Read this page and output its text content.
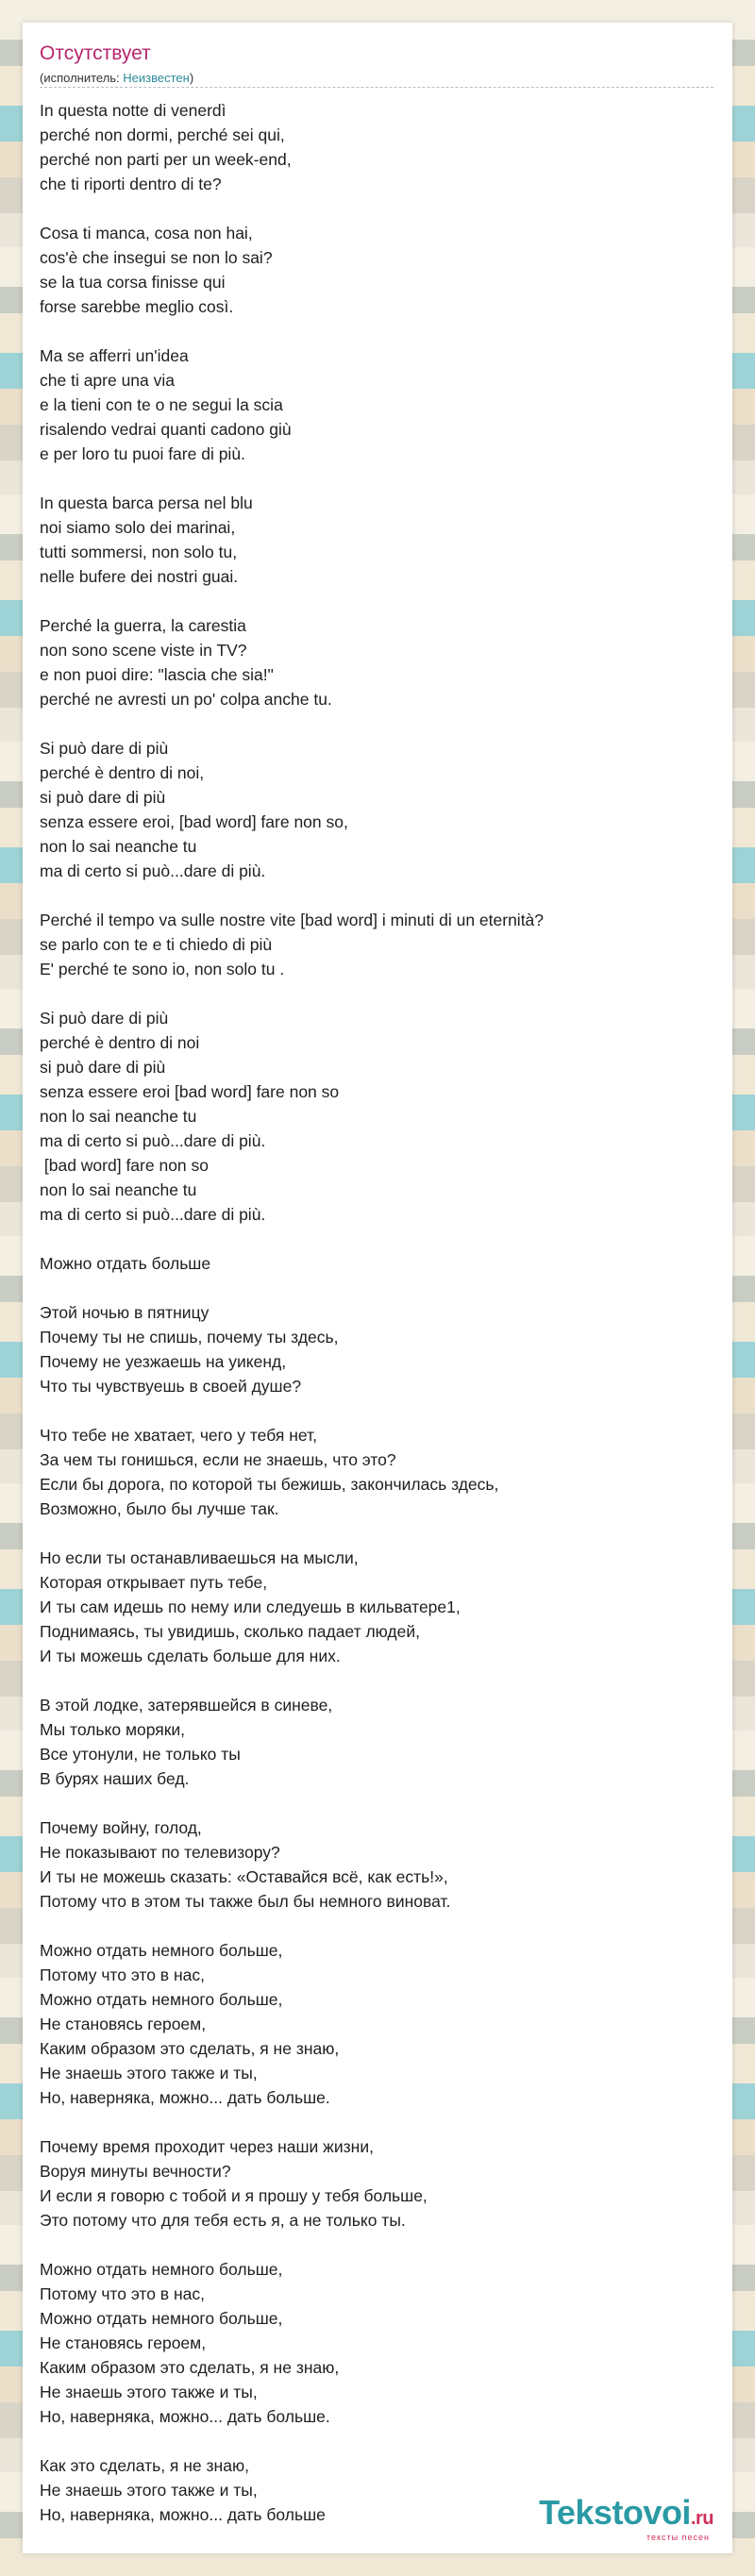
Отсутствует
(исполнитель: Неизвестен)
In questa notte di venerdì
perché non dormi, perché sei qui,
perché non parti per un week-end,
che ti riporti dentro di te?
Cosa ti manca, cosa non hai,
cos'è che insegui se non lo sai?
se la tua corsa finisse qui
forse sarebbe meglio così.
Ma se afferri un'idea
che ti apre una via
e la tieni con te o ne segui la scia
risalendo vedrai quanti cadono giù
e per loro tu puoi fare di più.
In questa barca persa nel blu
noi siamo solo dei marinai,
tutti sommersi, non solo tu,
nelle bufere dei nostri guai.
Perché la guerra, la carestia
non sono scene viste in TV?
e non puoi dire: "lascia che sia!"
perché ne avresti un po' colpa anche tu.
Si può dare di più
perché è dentro di noi,
si può dare di più
senza essere eroi, [bad word] fare non so,
non lo sai neanche tu
ma di certo si può...dare di più.
Perché il tempo va sulle nostre vite [bad word] i minuti di un eternità?
se parlo con te e ti chiedo di più
E' perché te sono io, non solo tu .
Si può dare di più
perché è dentro di noi
si può dare di più
senza essere eroi [bad word] fare non so
non lo sai neanche tu
ma di certo si può...dare di più.
[bad word] fare non so
non lo sai neanche tu
ma di certo si può...dare di più.
Можно отдать больше
Этой ночью в пятницу
Почему ты не спишь, почему ты здесь,
Почему не уезжаешь на уикенд,
Что ты чувствуешь в своей душе?
Что тебе не хватает, чего у тебя нет,
За чем ты гонишься, если не знаешь, что это?
Если бы дорога, по которой ты бежишь, закончилась здесь,
Возможно, было бы лучше так.
Но если ты останавливаешься на мысли,
Которая открывает путь тебе,
И ты сам идешь по нему или следуешь в кильватере1,
Поднимаясь, ты увидишь, сколько падает людей,
И ты можешь сделать больше для них.
В этой лодке, затерявшейся в синеве,
Мы только моряки,
Все утонули, не только ты
В бурях наших бед.
Почему войну, голод,
Не показывают по телевизору?
И ты не можешь сказать: «Оставайся всё, как есть!»,
Потому что в этом ты также был бы немного виноват.
Можно отдать немного больше,
Потому что это в нас,
Можно отдать немного больше,
Не становясь героем,
Каким образом это сделать, я не знаю,
Не знаешь этого также и ты,
Но, наверняка, можно... дать больше.
Почему время проходит через наши жизни,
Воруя минуты вечности?
И если я говорю с тобой и я прошу у тебя больше,
Это потому что для тебя есть я, а не только ты.
Можно отдать немного больше,
Потому что это в нас,
Можно отдать немного больше,
Не становясь героем,
Каким образом это сделать, я не знаю,
Не знаешь этого также и ты,
Но, наверняка, можно... дать больше.
Как это сделать, я не знаю,
Не знаешь этого также и ты,
Но, наверняка, можно... дать больше	Tekstovoi.ru
тексты песен
